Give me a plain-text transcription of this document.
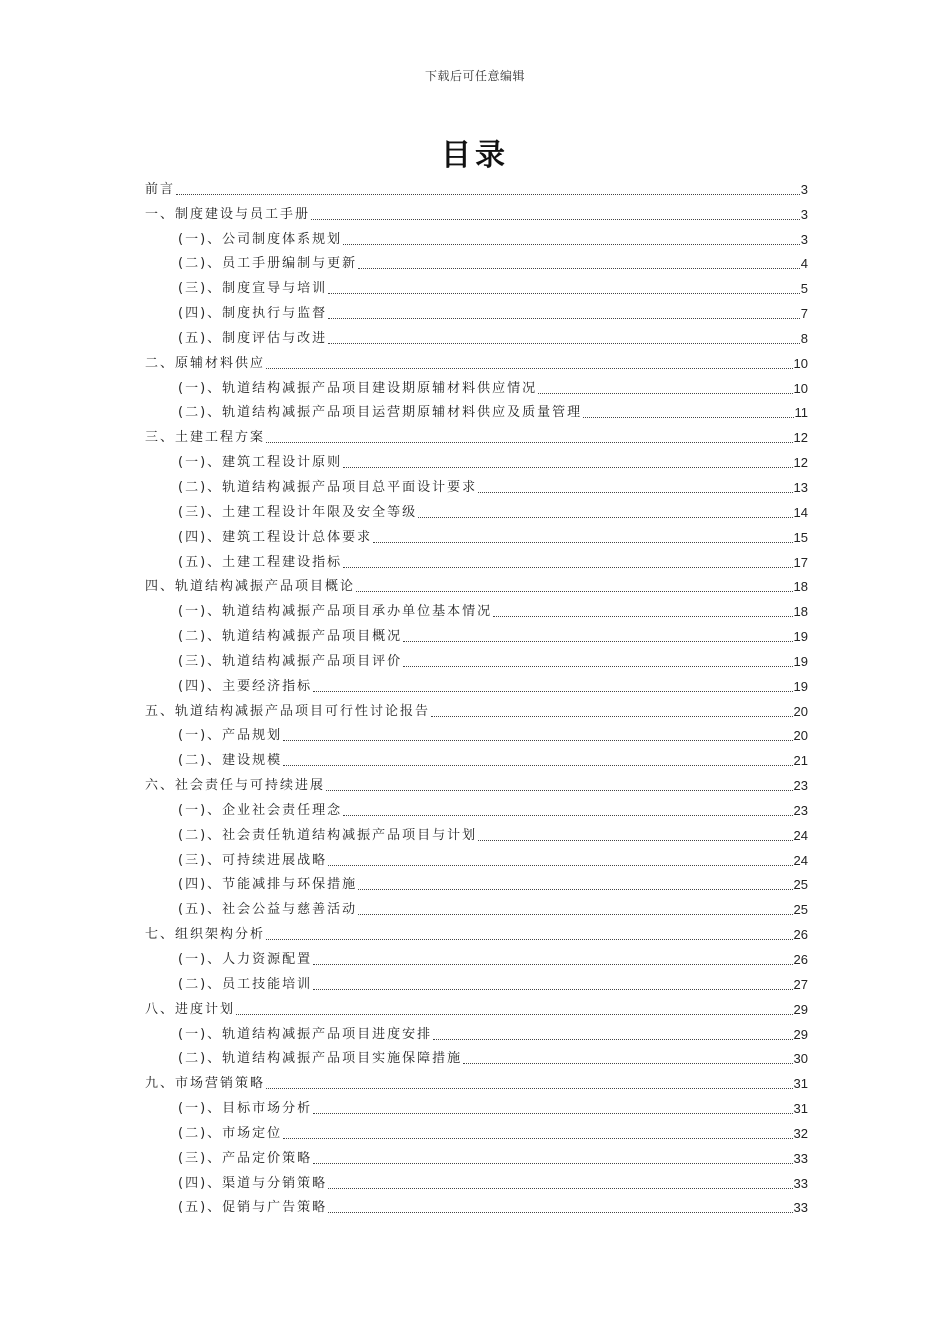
下载后可任意编辑
目录
前言	3
一、制度建设与员工手册	3
(一)、公司制度体系规划	3
(二)、员工手册编制与更新	4
(三)、制度宣导与培训	5
(四)、制度执行与监督	7
(五)、制度评估与改进	8
二、原辅材料供应	10
(一)、轨道结构减振产品项目建设期原辅材料供应情况	10
(二)、轨道结构减振产品项目运营期原辅材料供应及质量管理	11
三、土建工程方案	12
(一)、建筑工程设计原则	12
(二)、轨道结构减振产品项目总平面设计要求	13
(三)、土建工程设计年限及安全等级	14
(四)、建筑工程设计总体要求	15
(五)、土建工程建设指标	17
四、轨道结构减振产品项目概论	18
(一)、轨道结构减振产品项目承办单位基本情况	18
(二)、轨道结构减振产品项目概况	19
(三)、轨道结构减振产品项目评价	19
(四)、主要经济指标	19
五、轨道结构减振产品项目可行性讨论报告	20
(一)、产品规划	20
(二)、建设规模	21
六、社会责任与可持续进展	23
(一)、企业社会责任理念	23
(二)、社会责任轨道结构减振产品项目与计划	24
(三)、可持续进展战略	24
(四)、节能减排与环保措施	25
(五)、社会公益与慈善活动	25
七、组织架构分析	26
(一)、人力资源配置	26
(二)、员工技能培训	27
八、进度计划	29
(一)、轨道结构减振产品项目进度安排	29
(二)、轨道结构减振产品项目实施保障措施	30
九、市场营销策略	31
(一)、目标市场分析	31
(二)、市场定位	32
(三)、产品定价策略	33
(四)、渠道与分销策略	33
(五)、促销与广告策略	33
